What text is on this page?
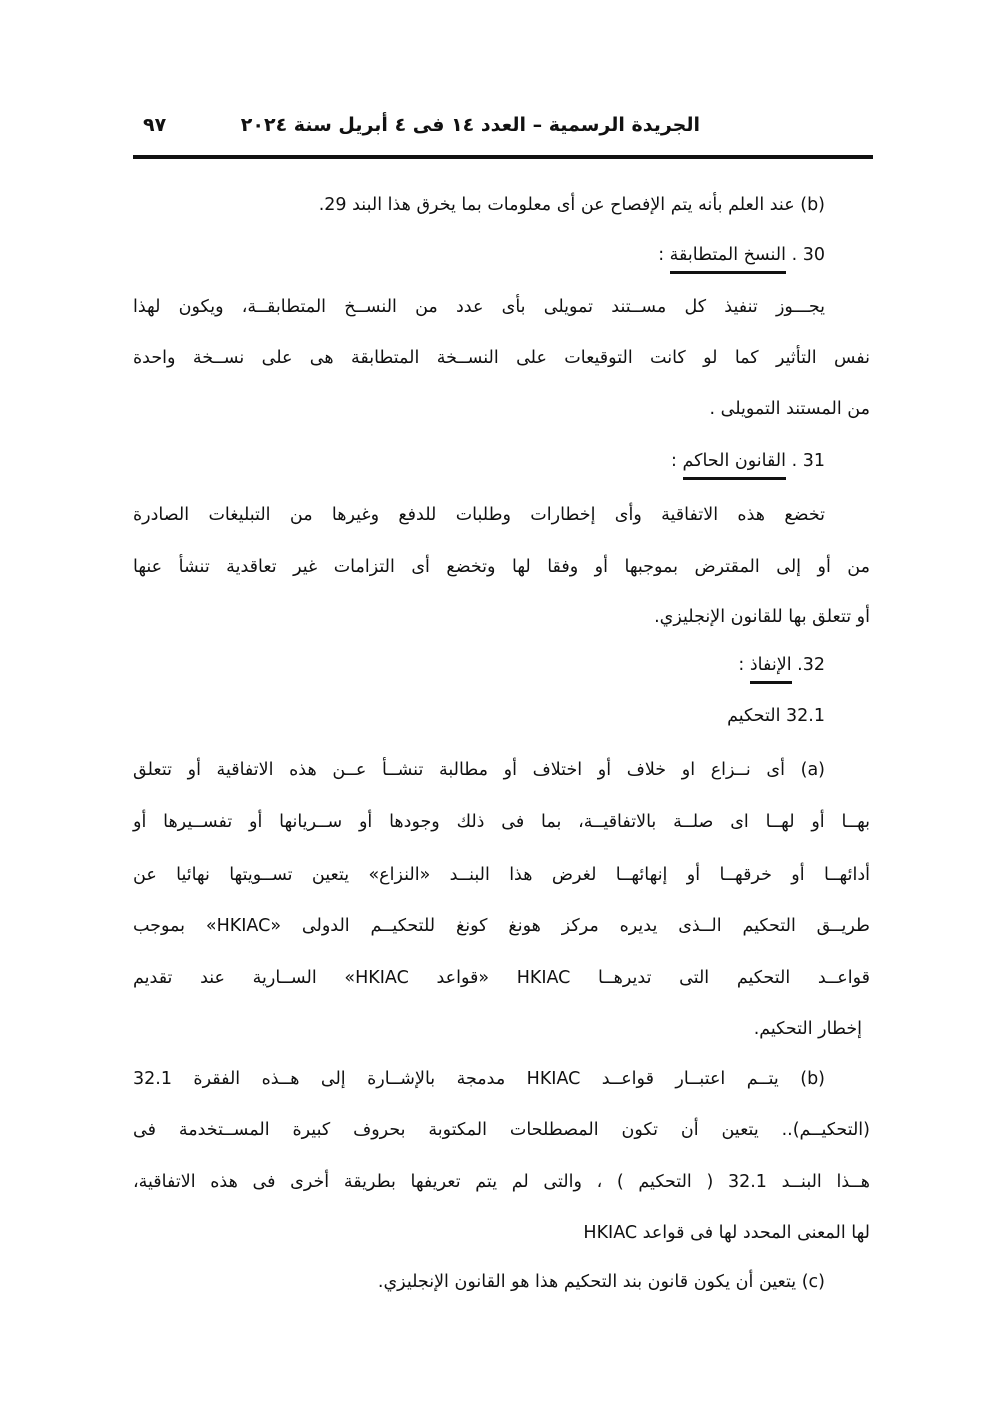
الجريدة الرسمية – العدد ١٤ فى ٤ أبريل سنة ٢٠٢٤
٩٧
(b) عند العلم بأنه يتم الإفصاح عن أى معلومات بما يخرق هذا البند 29.
30 . النسخ المتطابقة :
يجـــوز تنفيذ كل مســتند تمويلى بأى عدد من النســخ المتطابقــة، ويكون لهذا
نفس التأثير كما لو كانت التوقيعات على النســخة المتطابقة هى على نســخة واحدة
من المستند التمويلى .
31 . القانون الحاكم :
تخضع هذه الاتفاقية وأى إخطارات وطلبات للدفع وغيرها من التبليغات الصادرة
من أو إلى المقترض بموجبها أو وفقا لها وتخضع أى التزامات غير تعاقدية تنشأ عنها
أو تتعلق بها للقانون الإنجليزي.
32. الإنفاذ :
32.1 التحكيم
(a) أى نــزاع او خلاف أو اختلاف أو مطالبة تنشــأ عــن هذه الاتفاقية أو تتعلق
بهــا أو لهــا اى صلــة بالاتفاقيــة، بما فى ذلك وجودها أو ســريانها أو تفســيرها أو
أدائهــا أو خرقهــا أو إنهائهــا لغرض هذا البنــد «النزاع» يتعين تســويتها نهائيا عن
طريــق التحكيم الــذى يديره مركز هونغ كونغ للتحكيــم الدولى «HKIAC» بموجب
قواعــد التحكيم التى تديرهــا HKIAC «قواعد HKIAC» الســارية عند تقديم
إخطار التحكيم.
(b) يتــم اعتبــار قواعــد HKIAC مدمجة بالإشــارة إلى هــذه الفقرة 32.1
(التحكيــم).. يتعين أن تكون المصطلحات المكتوبة بحروف كبيرة المســتخدمة فى
هــذا البنــد 32.1 ( التحكيم ) ، والتى لم يتم تعريفها بطريقة أخرى فى هذه الاتفاقية،
لها المعنى المحدد لها فى قواعد HKIAC
(c) يتعين أن يكون قانون بند التحكيم هذا هو القانون الإنجليزي.
